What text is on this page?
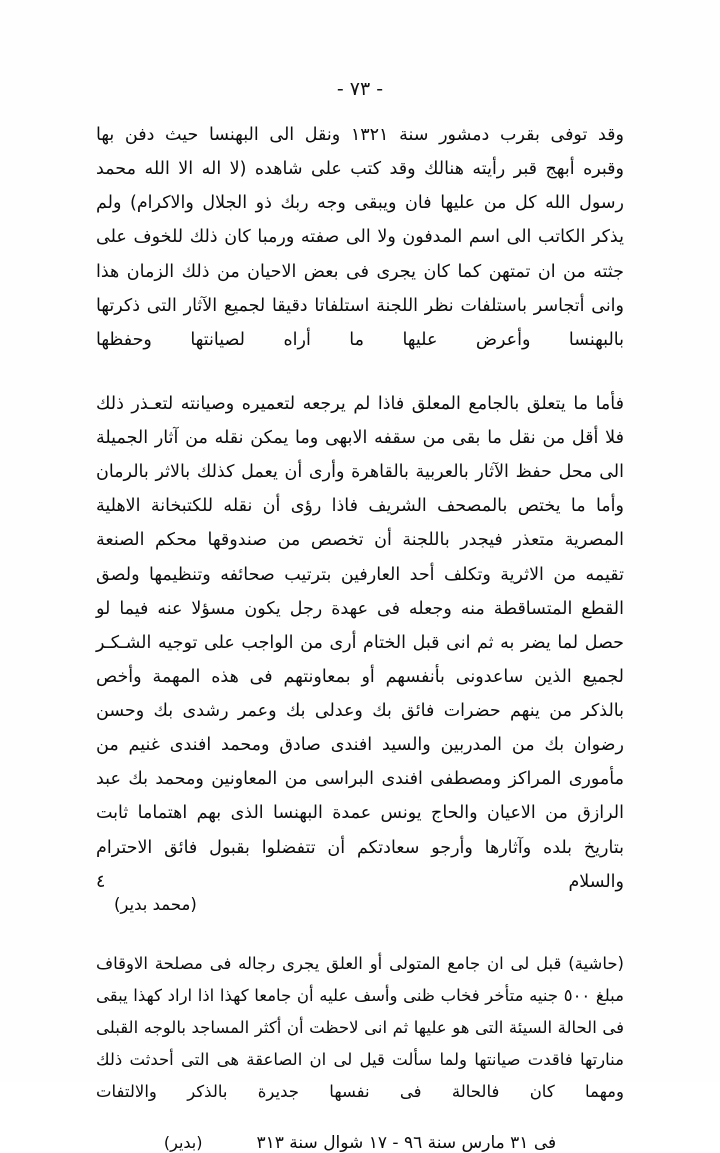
- ٧٣ -
وقد توفى بقرب دمشور سنة ١٣٢١ ونقل الى البهنسا حيث دفن بها وقبره أبهج قبر رأيته هنالك وقد كتب على شاهده (لا اله الا الله محمد رسول الله كل من عليها فان ويبقى وجه ربك ذو الجلال والاكرام) ولم يذكر الكاتب الى اسم المدفون ولا الى صفته ورمبا كان ذلك للخوف على جثته من ان تمتهن كما كان يجرى فى بعض الاحيان من ذلك الزمان هذا وانى أتجاسر باستلفات نظر اللجنة استلفاتا دقيقا لجميع الآثار التى ذكرتها بالبهنسا وأعرض عليها ما أراه لصيانتها وحفظها
فأما ما يتعلق بالجامع المعلق فاذا لم يرجعه لتعميره وصيانته لتعـذر ذلك فلا أقل من نقل ما بقى من سقفه الابهى وما يمكن نقله من آثار الجميلة الى محل حفظ الآثار بالعربية بالقاهرة وأرى أن يعمل كذلك بالاثر بالرمان وأما ما يختص بالمصحف الشريف فاذا رؤى أن نقله للكتبخانة الاهلية المصرية متعذر فيجدر باللجنة أن تخصص من صندوقها محكم الصنعة تقيمه من الاثرية وتكلف أحد العارفين بترتيب صحائفه وتنظيمها ولصق القطع المتساقطة منه وجعله فى عهدة رجل يكون مسؤلا عنه فيما لو حصل لما يضر به ثم انى قبل الختام أرى من الواجب على توجيه الشـكـر لجميع الذين ساعدونى بأنفسهم أو بمعاونتهم فى هذه المهمة وأخص بالذكر من ينهم حضرات فائق بك وعدلى بك وعمر رشدى بك وحسن رضوان بك من المدربين والسيد افندى صادق ومحمد افندى غنيم من مأمورى المراكز ومصطفى افندى البراسى من المعاونين ومحمد بك عبد الرازق من الاعيان والحاج يونس عمدة البهنسا الذى بهم اهتماما ثابت بتاريخ بلده وآثارها وأرجو سعادتكم أن تتفضلوا بقبول فائق الاحترام والسلام ٤
(محمد بدير)
(حاشية) قبل لى ان جامع المتولى أو العلق يجرى رجاله فى مصلحة الاوقاف مبلغ ٥٠٠ جنيه متأخر فخاب ظنى وأسف عليه أن جامعا كهذا اذا اراد كهذا يبقى فى الحالة السيئة التى هو عليها ثم انى لاحظت أن أكثر المساجد بالوجه القبلى منارتها فاقدت صيانتها ولما سألت قيل لى ان الصاعقة هى التى أحدثت ذلك ومهما كان فالحالة فى نفسها جديرة بالذكر والالتفات
فى ٣١ مارس سنة ٩٦ - ١٧ شوال سنة ٣١٣
(بدير)
